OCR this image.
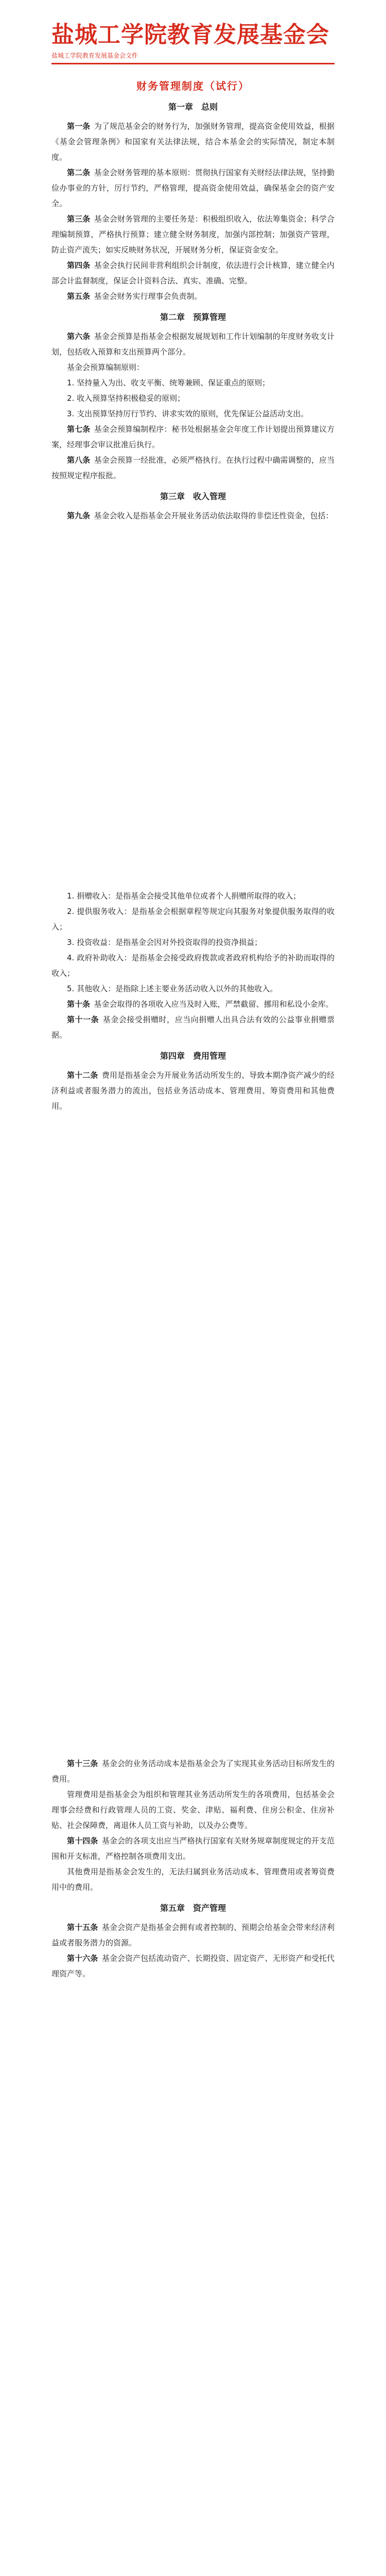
盐城工学院教育发展基金会
盐城工学院教育发展基金会文件
财务管理制度（试行）
第一章　总则

第一条 为了规范基金会的财务行为，加强财务管理，提高资金使用效益，根据《基金会管理条例》和国家有关法律法规，结合本基金会的实际情况，制定本制度。

第二条 基金会财务管理的基本原则：贯彻执行国家有关财经法律法规，坚持勤俭办事业的方针，厉行节约，严格管理，提高资金使用效益，确保基金会的资产安全。

第三条 基金会财务管理的主要任务是：积极组织收入，依法筹集资金；科学合理编制预算，严格执行预算；建立健全财务制度，加强内部控制；加强资产管理，防止资产流失；如实反映财务状况，开展财务分析，保证资金安全。

第四条 基金会执行民间非营利组织会计制度，依法进行会计核算，建立健全内部会计监督制度，保证会计资料合法、真实、准确、完整。

第五条 基金会财务实行理事会负责制。

第二章　预算管理

第六条 基金会预算是指基金会根据发展规划和工作计划编制的年度财务收支计划，包括收入预算和支出预算两个部分。

基金会预算编制原则：

1. 坚持量入为出、收支平衡、统筹兼顾、保证重点的原则；

2. 收入预算坚持积极稳妥的原则；

3. 支出预算坚持厉行节约、讲求实效的原则，优先保证公益活动支出。

第七条 基金会预算编制程序：秘书处根据基金会年度工作计划提出预算建议方案，经理事会审议批准后执行。

第八条 基金会预算一经批准，必须严格执行。在执行过程中确需调整的，应当按照规定程序报批。

第三章　收入管理

第九条 基金会收入是指基金会开展业务活动依法取得的非偿还性资金，包括：

1. 捐赠收入：是指基金会接受其他单位或者个人捐赠所取得的收入；

2. 提供服务收入：是指基金会根据章程等规定向其服务对象提供服务取得的收入；

3. 投资收益：是指基金会因对外投资取得的投资净损益；

4. 政府补助收入：是指基金会接受政府拨款或者政府机构给予的补助而取得的收入；

5. 其他收入：是指除上述主要业务活动收入以外的其他收入。

第十条 基金会取得的各项收入应当及时入账，严禁截留、挪用和私设小金库。

第十一条 基金会接受捐赠时，应当向捐赠人出具合法有效的公益事业捐赠票据。

第四章　费用管理

第十二条 费用是指基金会为开展业务活动所发生的、导致本期净资产减少的经济利益或者服务潜力的流出，包括业务活动成本、管理费用、筹资费用和其他费用。

第十三条 基金会的业务活动成本是指基金会为了实现其业务活动目标所发生的费用。

管理费用是指基金会为组织和管理其业务活动所发生的各项费用，包括基金会理事会经费和行政管理人员的工资、奖金、津贴、福利费、住房公积金、住房补贴、社会保障费，离退休人员工资与补助，以及办公费等。

第十四条 基金会的各项支出应当严格执行国家有关财务规章制度规定的开支范围和开支标准，严格控制各项费用支出。

其他费用是指基金会发生的，无法归属到业务活动成本、管理费用或者筹资费用中的费用。

第五章　资产管理

第十五条 基金会资产是指基金会拥有或者控制的、预期会给基金会带来经济利益或者服务潜力的资源。

第十六条 基金会资产包括流动资产、长期投资、固定资产、无形资产和受托代理资产等。
